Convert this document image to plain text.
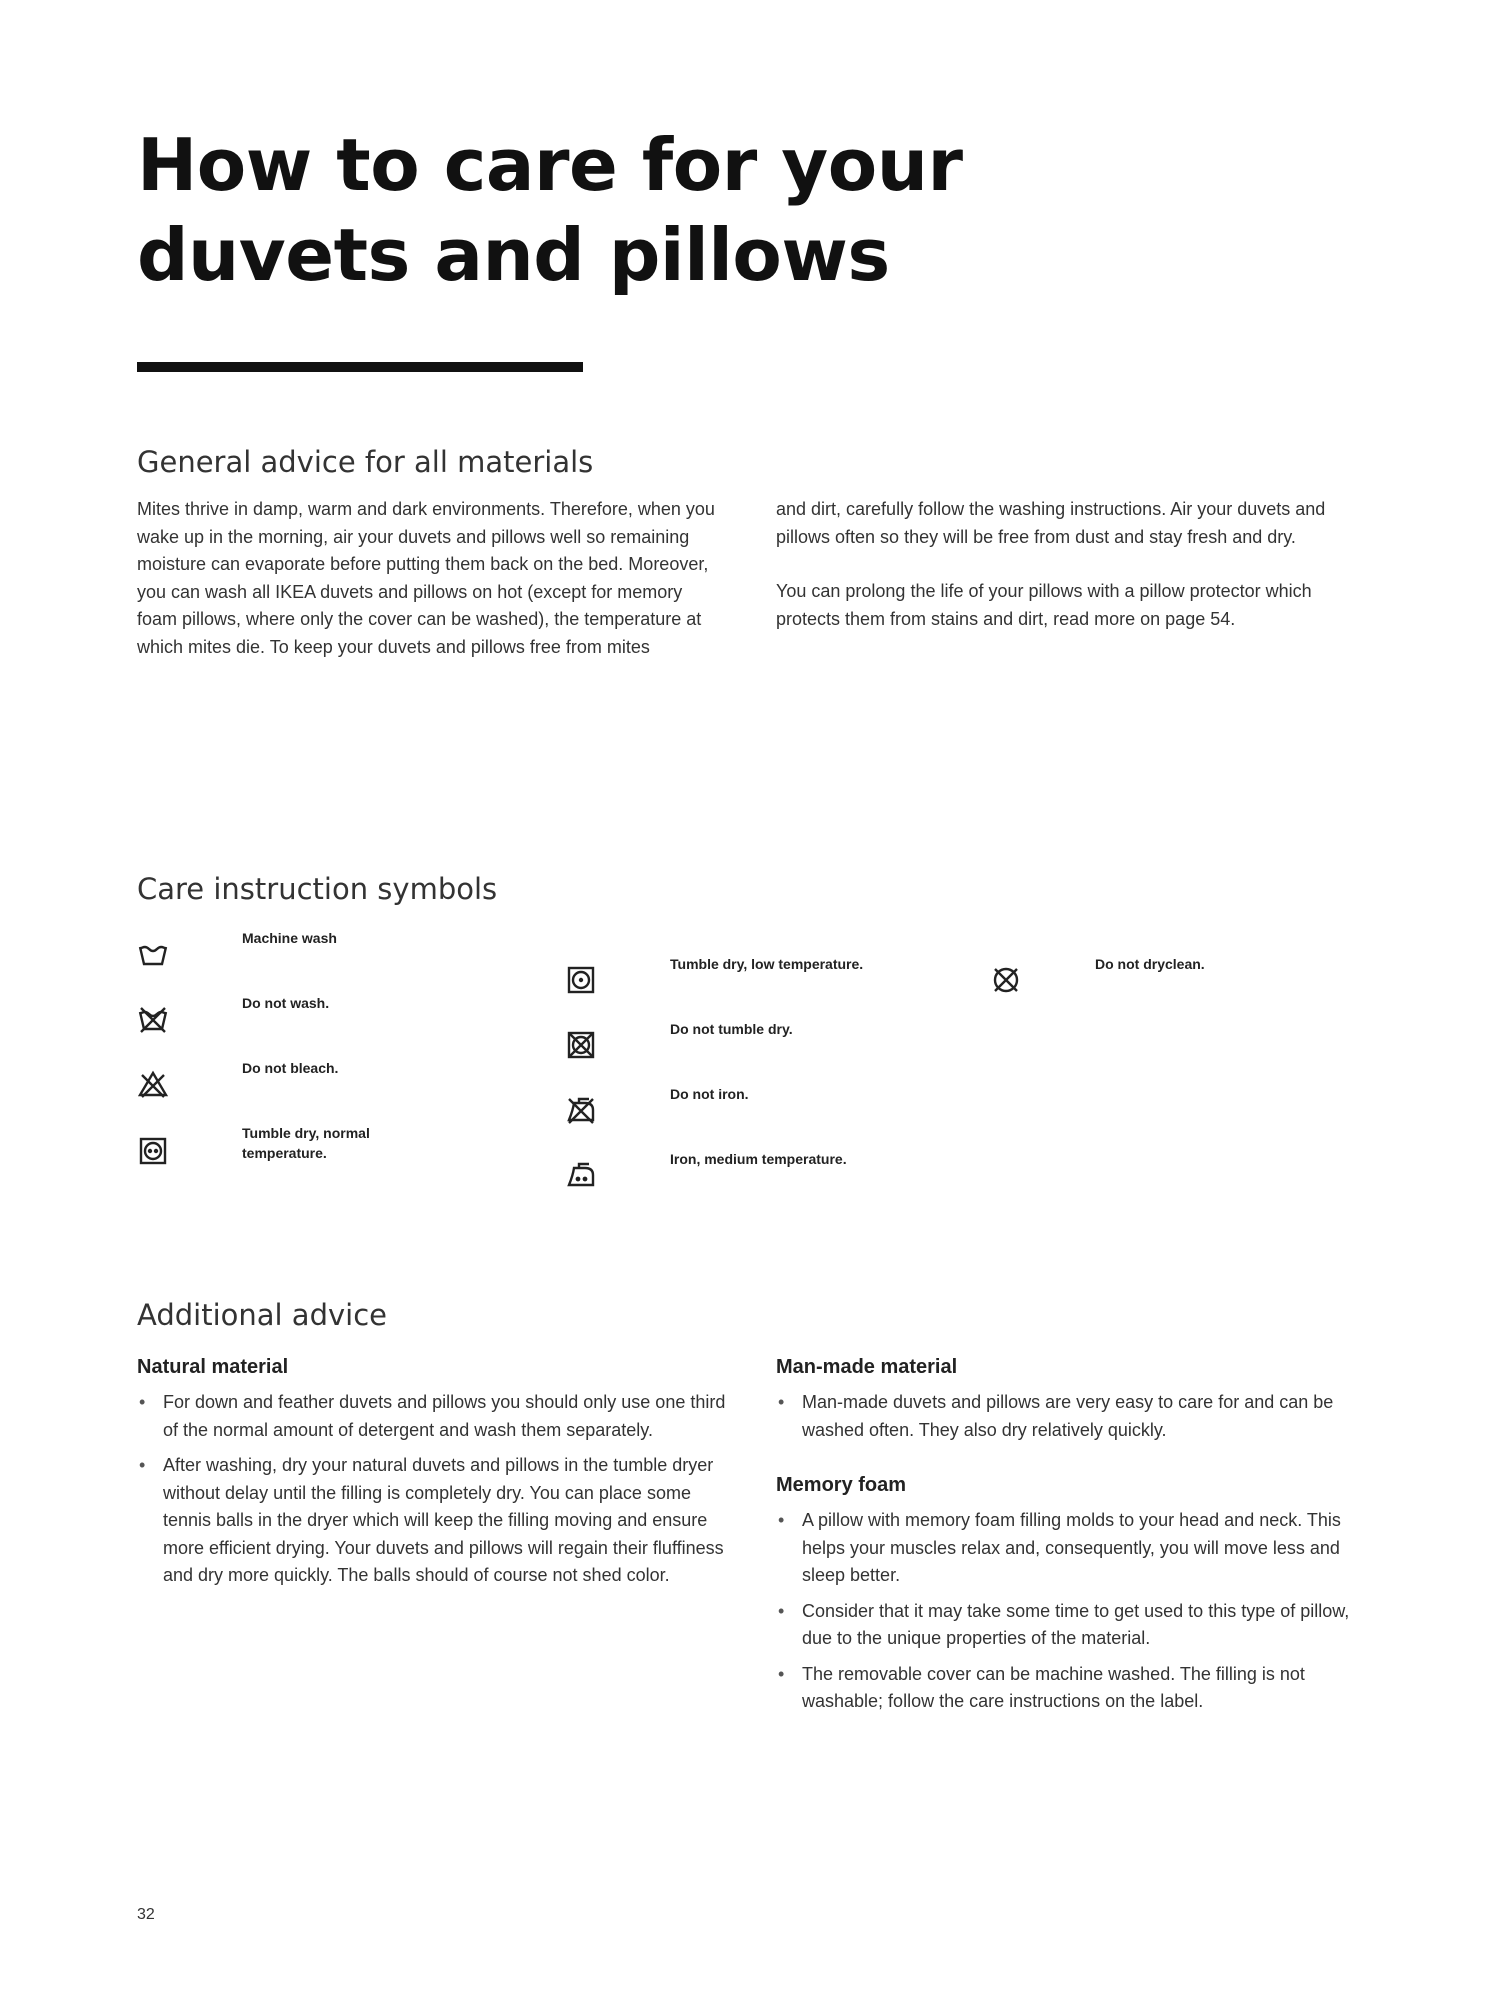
How to care for your duvets and pillows
General advice for all materials

Mites thrive in damp, warm and dark environments. Therefore, when you wake up in the morning, air your duvets and pillows well so remaining moisture can evaporate before putting them back on the bed. Moreover, you can wash all IKEA duvets and pillows on hot (except for memory foam pillows, where only the cover can be washed), the temperature at which mites die. To keep your duvets and pillows free from mites

and dirt, carefully follow the washing instructions. Air your duvets and pillows often so they will be free from dust and stay fresh and dry.

You can prolong the life of your pillows with a pillow protector which protects them from stains and dirt, read more on page 54.

Care instruction symbols
Machine wash
Do not wash.
Do not bleach.
Tumble dry, normal temperature.
Tumble dry, low temperature.
Do not tumble dry.
Do not iron.
Iron, medium temperature.
Do not dryclean.
Additional advice
Natural material
• For down and feather duvets and pillows you should only use one third of the normal amount of detergent and wash them separately.
• After washing, dry your natural duvets and pillows in the tumble dryer without delay until the filling is completely dry. You can place some tennis balls in the dryer which will keep the filling moving and ensure more efficient drying. Your duvets and pillows will regain their fluffiness and dry more quickly. The balls should of course not shed color.
Man-made material
• Man-made duvets and pillows are very easy to care for and can be washed often. They also dry relatively quickly.
Memory foam
• A pillow with memory foam filling molds to your head and neck. This helps your muscles relax and, consequently, you will move less and sleep better.
• Consider that it may take some time to get used to this type of pillow, due to the unique properties of the material.
• The removable cover can be machine washed. The filling is not washable; follow the care instructions on the label.
32
